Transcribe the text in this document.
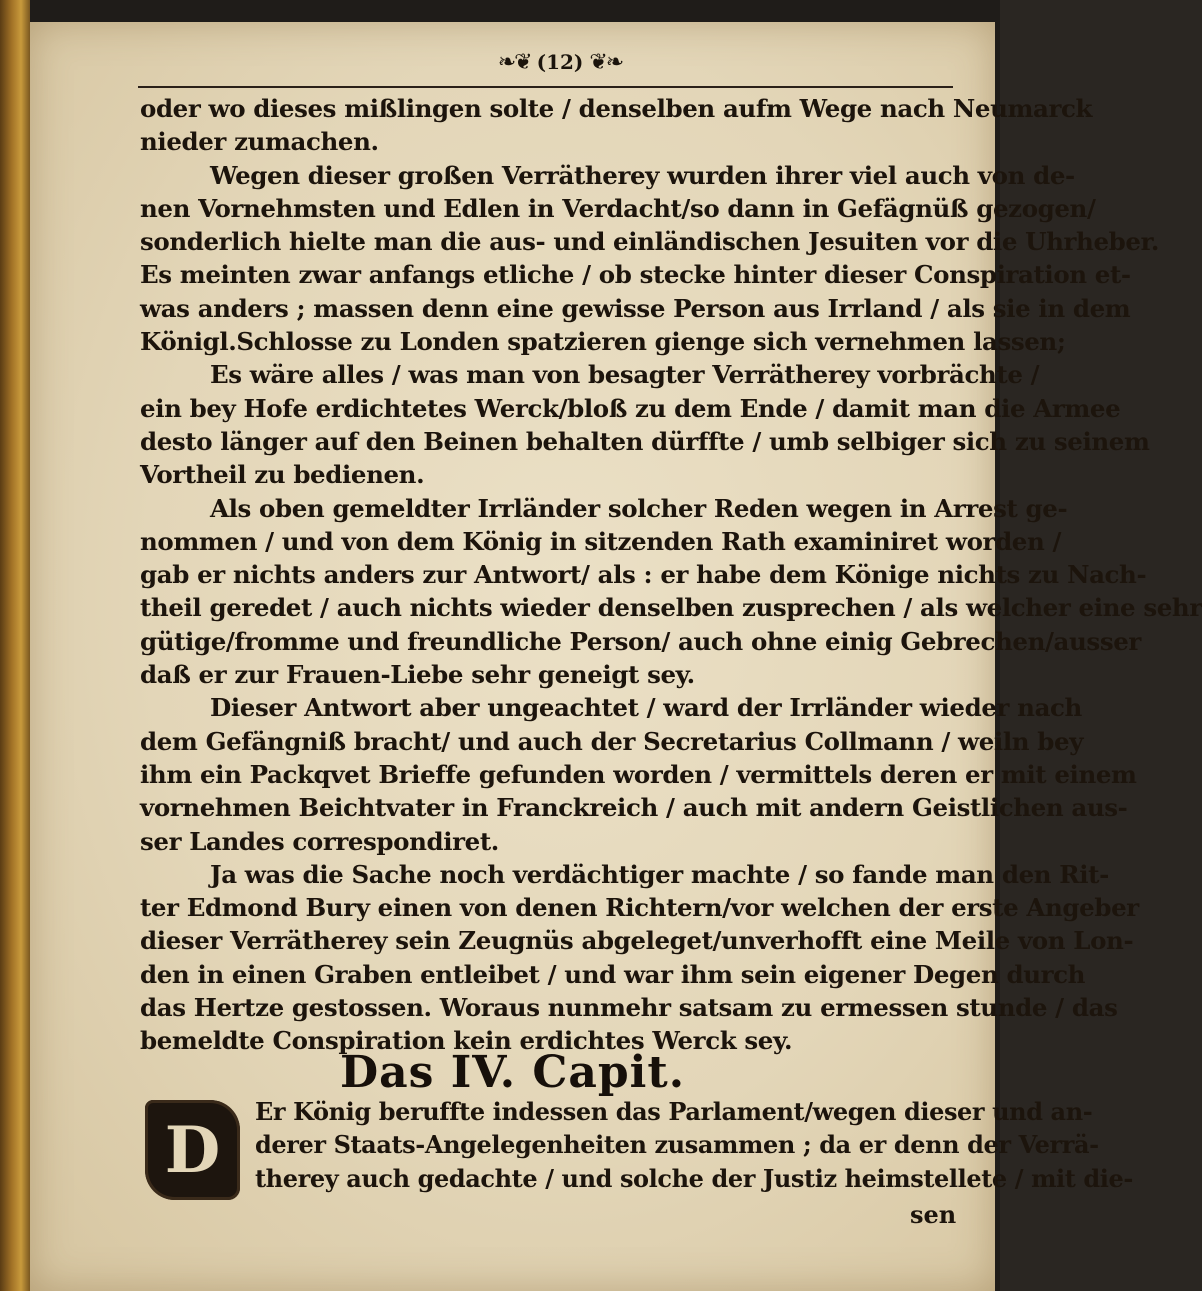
❧❦ (12) ❦❧
oder wo dieses mißlingen solte / denselben aufm Wege nach Neumarck
nieder zumachen.
Wegen dieser großen Verrätherey wurden ihrer viel auch von de-
nen Vornehmsten und Edlen in Verdacht/so dann in Gefägnüß gezogen/
sonderlich hielte man die aus- und einländischen Jesuiten vor die Uhrheber.
Es meinten zwar anfangs etliche / ob stecke hinter dieser Conspiration et-
was anders ; massen denn eine gewisse Person aus Irrland / als sie in dem
Königl.Schlosse zu Londen spatzieren gienge sich vernehmen lassen;
Es wäre alles / was man von besagter Verrätherey vorbrächte /
ein bey Hofe erdichtetes Werck/bloß zu dem Ende / damit man die Armee
desto länger auf den Beinen behalten dürffte / umb selbiger sich zu seinem
Vortheil zu bedienen.
Als oben gemeldter Irrländer solcher Reden wegen in Arrest ge-
nommen / und von dem König in sitzenden Rath examiniret worden /
gab er nichts anders zur Antwort/ als : er habe dem Könige nichts zu Nach-
theil geredet / auch nichts wieder denselben zusprechen / als welcher eine sehr
gütige/fromme und freundliche Person/ auch ohne einig Gebrechen/ausser
daß er zur Frauen-Liebe sehr geneigt sey.
Dieser Antwort aber ungeachtet / ward der Irrländer wieder nach
dem Gefängniß bracht/ und auch der Secretarius Collmann / weiln bey
ihm ein Packqvet Brieffe gefunden worden / vermittels deren er mit einem
vornehmen Beichtvater in Franckreich / auch mit andern Geistlichen aus-
ser Landes correspondiret.
Ja was die Sache noch verdächtiger machte / so fande man den Rit-
ter Edmond Bury einen von denen Richtern/vor welchen der erste Angeber
dieser Verrätherey sein Zeugnüs abgeleget/unverhofft eine Meile von Lon-
den in einen Graben entleibet / und war ihm sein eigener Degen durch
das Hertze gestossen. Woraus nunmehr satsam zu ermessen stunde / das
bemeldte Conspiration kein erdichtes Werck sey.
Das IV. Capit.
D
Er König beruffte indessen das Parlament/wegen dieser und an-
derer Staats-Angelegenheiten zusammen ; da er denn der Verrä-
therey auch gedachte / und solche der Justiz heimstellete / mit die-
sen
